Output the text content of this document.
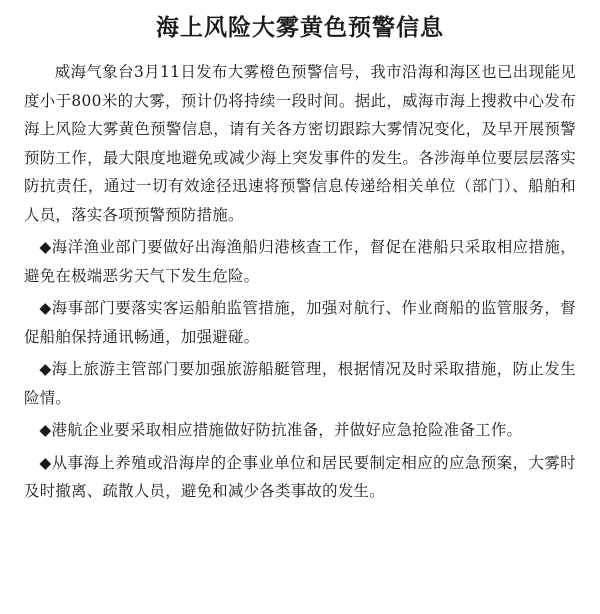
海上风险大雾黄色预警信息

威海气象台3月11日发布大雾橙色预警信号，我市沿海和海区也已出现能见度小于800米的大雾，预计仍将持续一段时间。据此，威海市海上搜救中心发布海上风险大雾黄色预警信息，请有关各方密切跟踪大雾情况变化，及早开展预警预防工作，最大限度地避免或减少海上突发事件的发生。各涉海单位要层层落实防抗责任，通过一切有效途径迅速将预警信息传递给相关单位（部门）、船舶和人员，落实各项预警预防措施。

◆海洋渔业部门要做好出海渔船归港核查工作，督促在港船只采取相应措施，避免在极端恶劣天气下发生危险。

◆海事部门要落实客运船舶监管措施，加强对航行、作业商船的监管服务，督促船舶保持通讯畅通，加强避碰。

◆海上旅游主管部门要加强旅游船艇管理，根据情况及时采取措施，防止发生险情。

◆港航企业要采取相应措施做好防抗准备，并做好应急抢险准备工作。

◆从事海上养殖或沿海岸的企事业单位和居民要制定相应的应急预案，大雾时及时撤离、疏散人员，避免和减少各类事故的发生。
